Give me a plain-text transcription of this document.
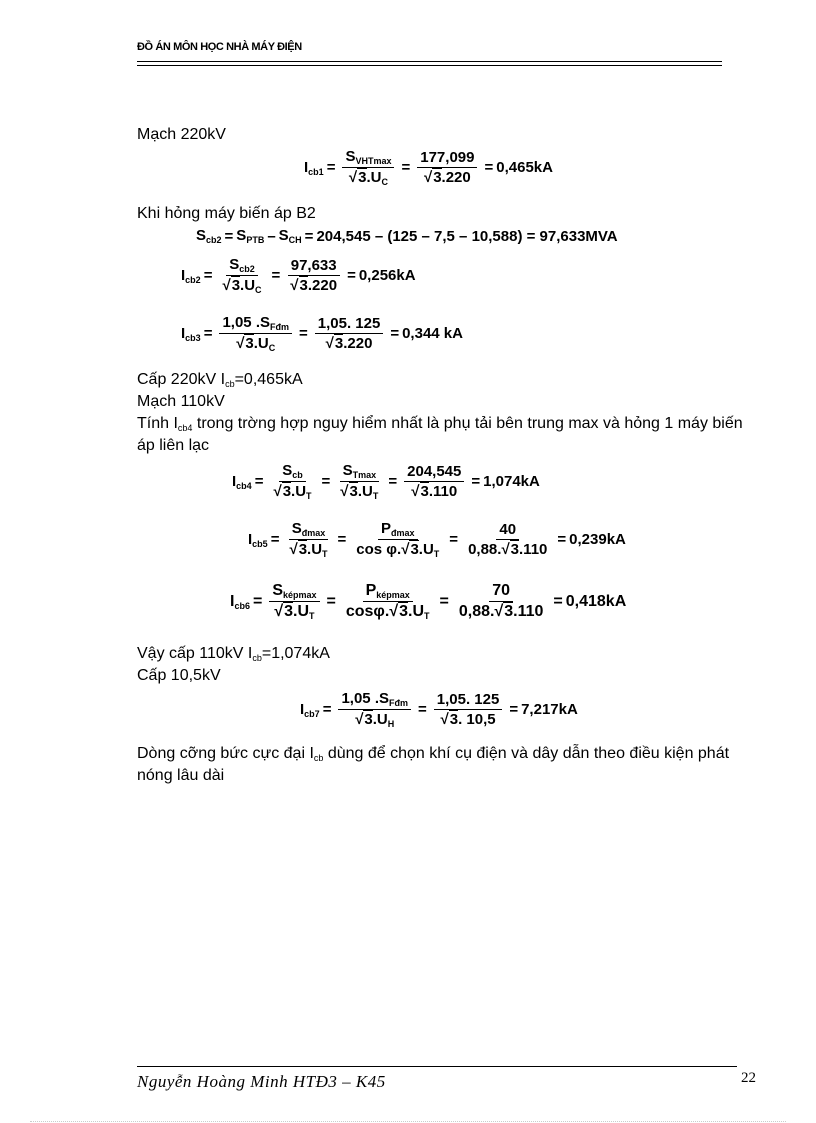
ĐỒ ÁN MÔN HỌC NHÀ MÁY ĐIỆN
Mạch 220kV
$I_{cb1} = \frac{S_{VHTmax}}{√3.U_C} = \frac{177,099}{√3.220} = 0,465kA$
Khi hỏng máy biến áp B2
$S_{cb2} = S_{PTB} - S_{CH} = 204,545 - (125 - 7,5 - 10,588) = 97,633MVA$
$I_{cb2} = \frac{S_{cb2}}{√3.U_C} = \frac{97,633}{√3.220} = 0,256kA$
$I_{cb3} = \frac{1,05 .S_{Fđm}}{√3.U_C} = \frac{1,05. 125}{√3.220} = 0,344$ kA
Cấp 220kV $I_{cb}=0,465kA$
Mạch 110kV
Tính $I_{cb4}$ trong trờng hợp nguy hiểm nhất là phụ tải bên trung max và hỏng 1 máy biến áp liên lạc
$I_{cb4} = \frac{S_{cb}}{√3.U_T} = \frac{S_{Tmax}}{√3.U_T} = \frac{204,545}{√3.110} = 1,074kA$
$I_{cb5} = \frac{S_{đmax}}{√3.U_T} = \frac{P_{đmax}}{\cos \varphi.√3.U_T} = \frac{40}{0,88.√3.110} = 0,239kA$
$I_{cb6} = \frac{S_{képmax}}{√3.U_T} = \frac{P_{képmax}}{\cos\varphi.√3.U_T} = \frac{70}{0,88.√3.110} = 0,418kA$
Vậy cấp 110kV $I_{cb}=1,074kA$
Cấp 10,5kV
$I_{cb7} = \frac{1,05 .S_{Fđm}}{√3.U_H} = \frac{1,05. 125}{√3. 10,5} = 7,217kA$
Dòng cỡng bức cực đại $I_{cb}$ dùng để chọn khí cụ điện và dây dẫn theo điều kiện phát nóng lâu dài
Nguyễn Hoàng Minh HTĐ3 – K45	22
